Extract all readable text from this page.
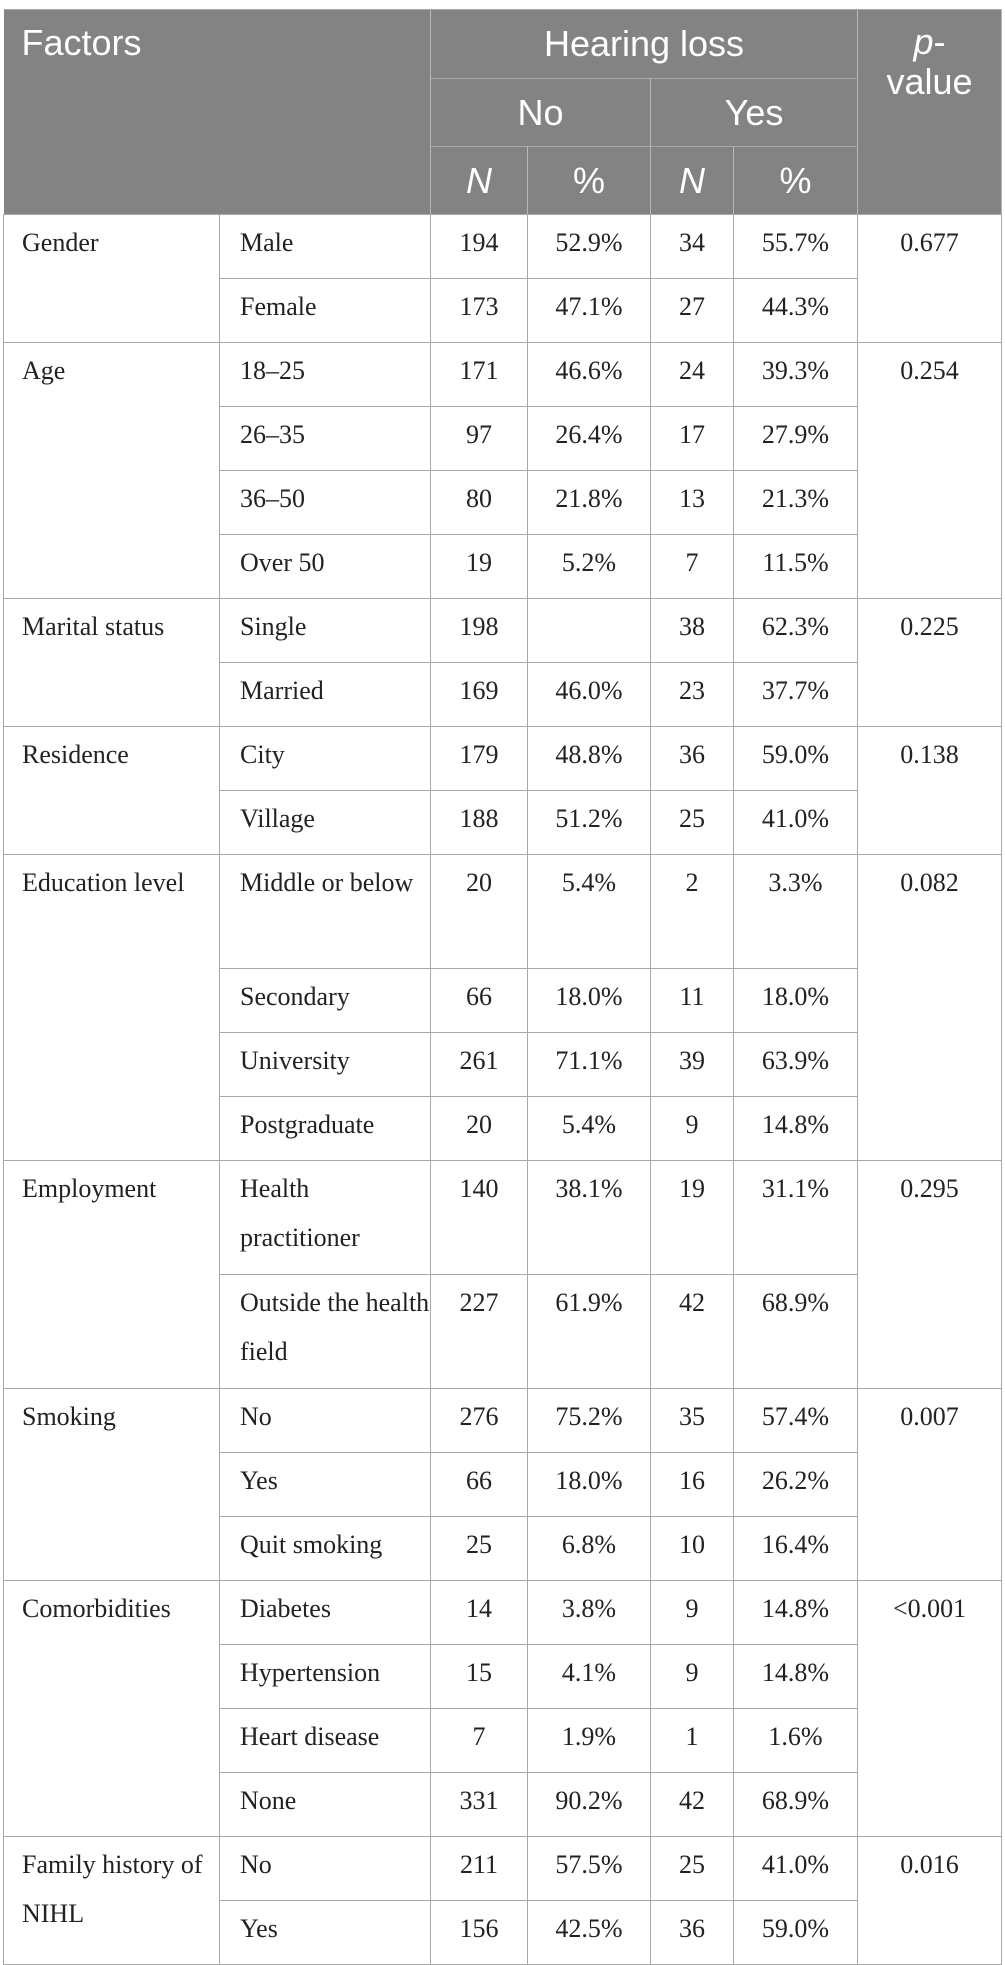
Factors		Hearing loss				p-
value
		No		Yes		
		N	%	N	%	
Gender	Male	194	52.9%	34	55.7%	0.677
	Female	173	47.1%	27	44.3%	
Age	18–25	171	46.6%	24	39.3%	0.254
	26–35	97	26.4%	17	27.9%	
	36–50	80	21.8%	13	21.3%	
	Over 50	19	5.2%	7	11.5%	
Marital status	Single	198		38	62.3%	0.225
	Married	169	46.0%	23	37.7%	
Residence	City	179	48.8%	36	59.0%	0.138
	Village	188	51.2%	25	41.0%	
Education level	Middle or below	20	5.4%	2	3.3%	0.082
	Secondary	66	18.0%	11	18.0%	
	University	261	71.1%	39	63.9%	
	Postgraduate	20	5.4%	9	14.8%	
Employment	Health practitioner	140	38.1%	19	31.1%	0.295
	Outside the health field	227	61.9%	42	68.9%	
Smoking	No	276	75.2%	35	57.4%	0.007
	Yes	66	18.0%	16	26.2%	
	Quit smoking	25	6.8%	10	16.4%	
Comorbidities	Diabetes	14	3.8%	9	14.8%	<0.001
	Hypertension	15	4.1%	9	14.8%	
	Heart disease	7	1.9%	1	1.6%	
	None	331	90.2%	42	68.9%	
Family history of NIHL	No	211	57.5%	25	41.0%	0.016
	Yes	156	42.5%	36	59.0%	
